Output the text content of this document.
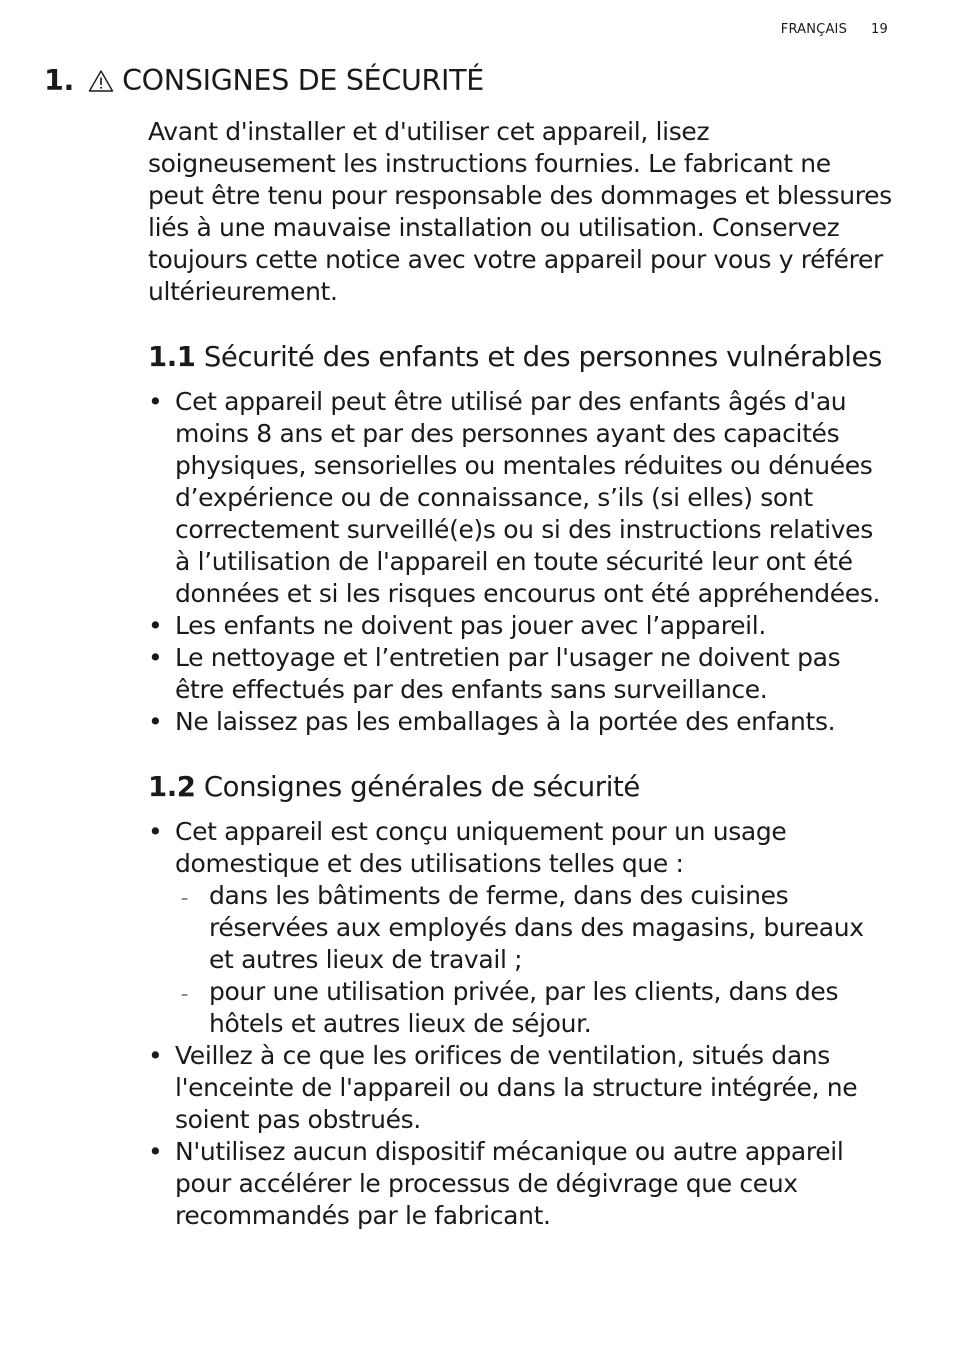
FRANÇAIS 19
1. CONSIGNES DE SÉCURITÉ

Avant d'installer et d'utiliser cet appareil, lisez soigneusement les instructions fournies. Le fabricant ne peut être tenu pour responsable des dommages et blessures liés à une mauvaise installation ou utilisation. Conservez toujours cette notice avec votre appareil pour vous y référer ultérieurement.

1.1 Sécurité des enfants et des personnes vulnérables
• Cet appareil peut être utilisé par des enfants âgés d'au moins 8 ans et par des personnes ayant des capacités physiques, sensorielles ou mentales réduites ou dénuées d’expérience ou de connaissance, s’ils (si elles) sont correctement surveillé(e)s ou si des instructions relatives à l’utilisation de l'appareil en toute sécurité leur ont été données et si les risques encourus ont été appréhendées.
• Les enfants ne doivent pas jouer avec l’appareil.
• Le nettoyage et l’entretien par l'usager ne doivent pas être effectués par des enfants sans surveillance.
• Ne laissez pas les emballages à la portée des enfants.
1.2 Consignes générales de sécurité
• Cet appareil est conçu uniquement pour un usage domestique et des utilisations telles que :
– dans les bâtiments de ferme, dans des cuisines réservées aux employés dans des magasins, bureaux et autres lieux de travail ;
– pour une utilisation privée, par les clients, dans des hôtels et autres lieux de séjour.
• Veillez à ce que les orifices de ventilation, situés dans l'enceinte de l'appareil ou dans la structure intégrée, ne soient pas obstrués.
• N'utilisez aucun dispositif mécanique ou autre appareil pour accélérer le processus de dégivrage que ceux recommandés par le fabricant.
